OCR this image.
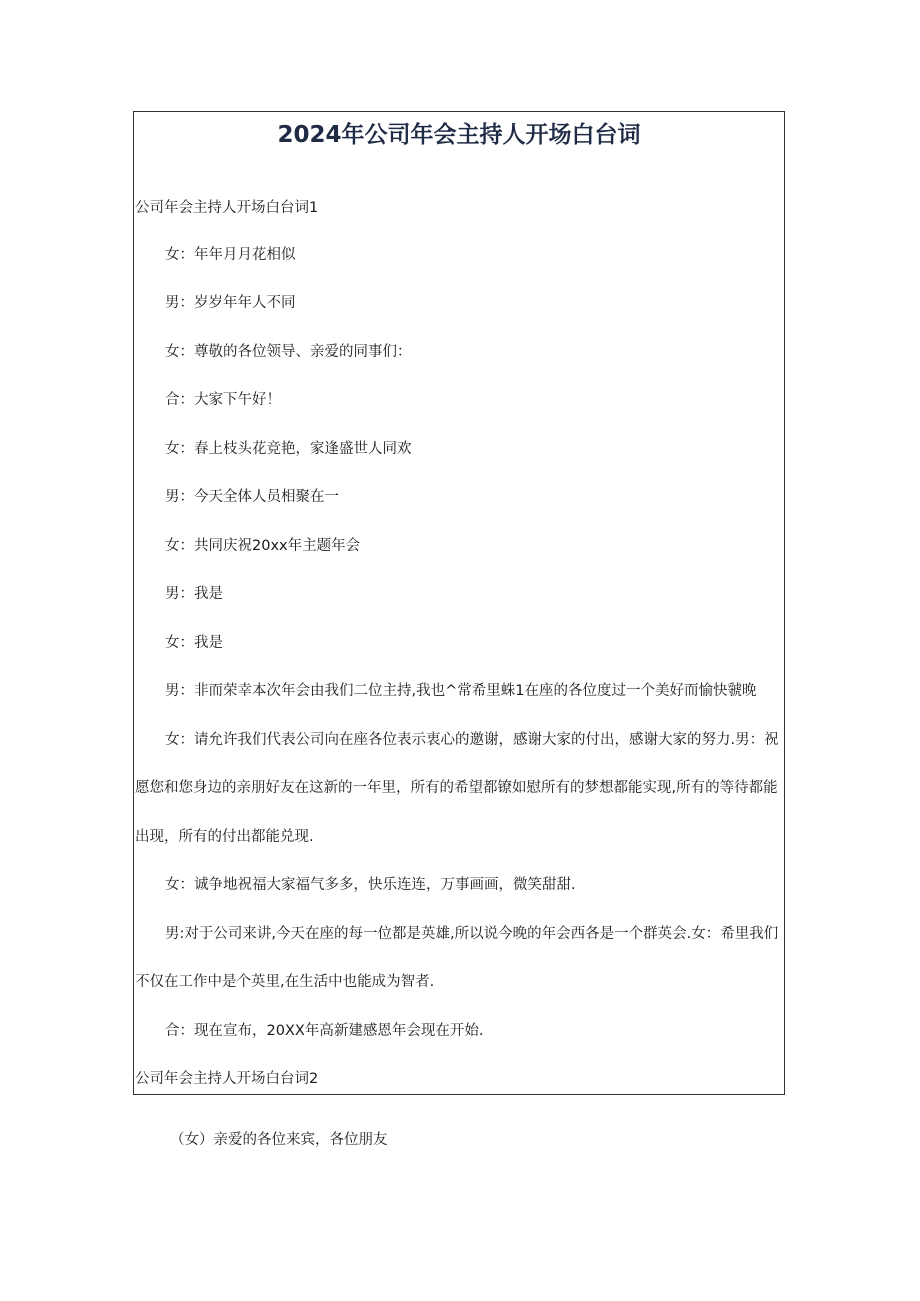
2024年公司年会主持人开场白台词
公司年会主持人开场白台词1
女：年年月月花相似
男：岁岁年年人不同
女：尊敬的各位领导、亲爱的同事们：
合：大家下午好！
女：春上枝头花竞艳，家逢盛世人同欢
男：今天全体人员相聚在一
女：共同庆祝20xx年主题年会
男：我是
女：我是
男：非而荣幸本次年会由我们二位主持,我也^常希里蛛1在座的各位度过一个美好而愉快虢晚
女：请允许我们代表公司向在座各位表示衷心的邀谢，感谢大家的付出，感谢大家的努力.男：祝
愿您和您身边的亲朋好友在这新的一年里，所有的希望都镣如慰所有的梦想都能实现,所有的等待都能
出现，所有的付出都能兑现.
女：诚争地祝福大家福气多多，快乐连连，万事画画，微笑甜甜.
男:对于公司来讲,今天在座的每一位都是英雄,所以说今晚的年会西各是一个群英会.女：希里我们
不仅在工作中是个英里,在生活中也能成为智者.
合：现在宣布，20XX年高新建感恩年会现在开始.
公司年会主持人开场白台词2
（女）亲爱的各位来宾，各位朋友
